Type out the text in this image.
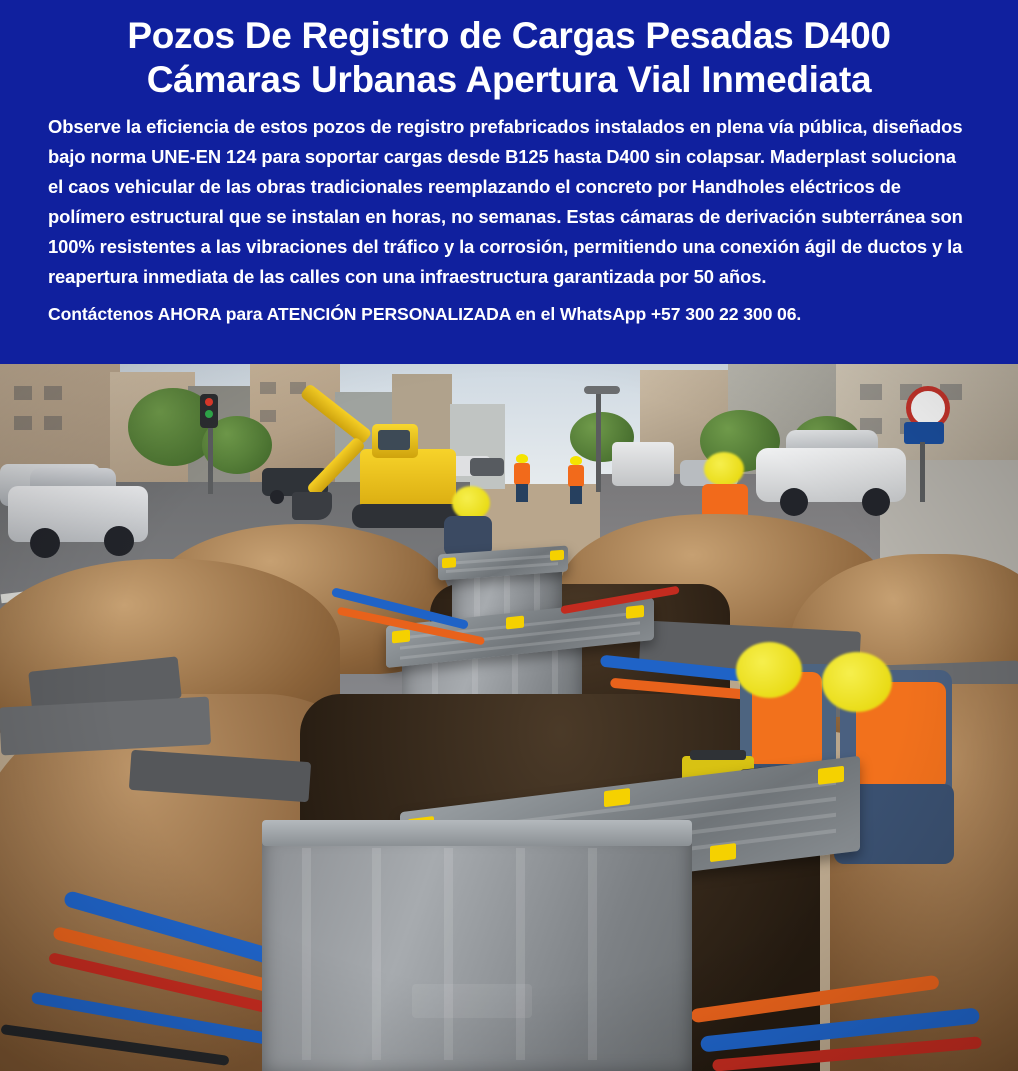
Pozos De Registro de Cargas Pesadas D400
Cámaras Urbanas Apertura Vial Inmediata

Observe la eficiencia de estos pozos de registro prefabricados instalados en plena vía pública, diseñados bajo norma UNE-EN 124 para soportar cargas desde B125 hasta D400 sin colapsar. Maderplast soluciona el caos vehicular de las obras tradicionales reemplazando el concreto por Handholes eléctricos de polímero estructural que se instalan en horas, no semanas. Estas cámaras de derivación subterránea son 100% resistentes a las vibraciones del tráfico y la corrosión, permitiendo una conexión ágil de ductos y la reapertura inmediata de las calles con una infraestructura garantizada por 50 años.

Contáctenos AHORA para ATENCIÓN PERSONALIZADA en el WhatsApp +57 300 22 300 06.
